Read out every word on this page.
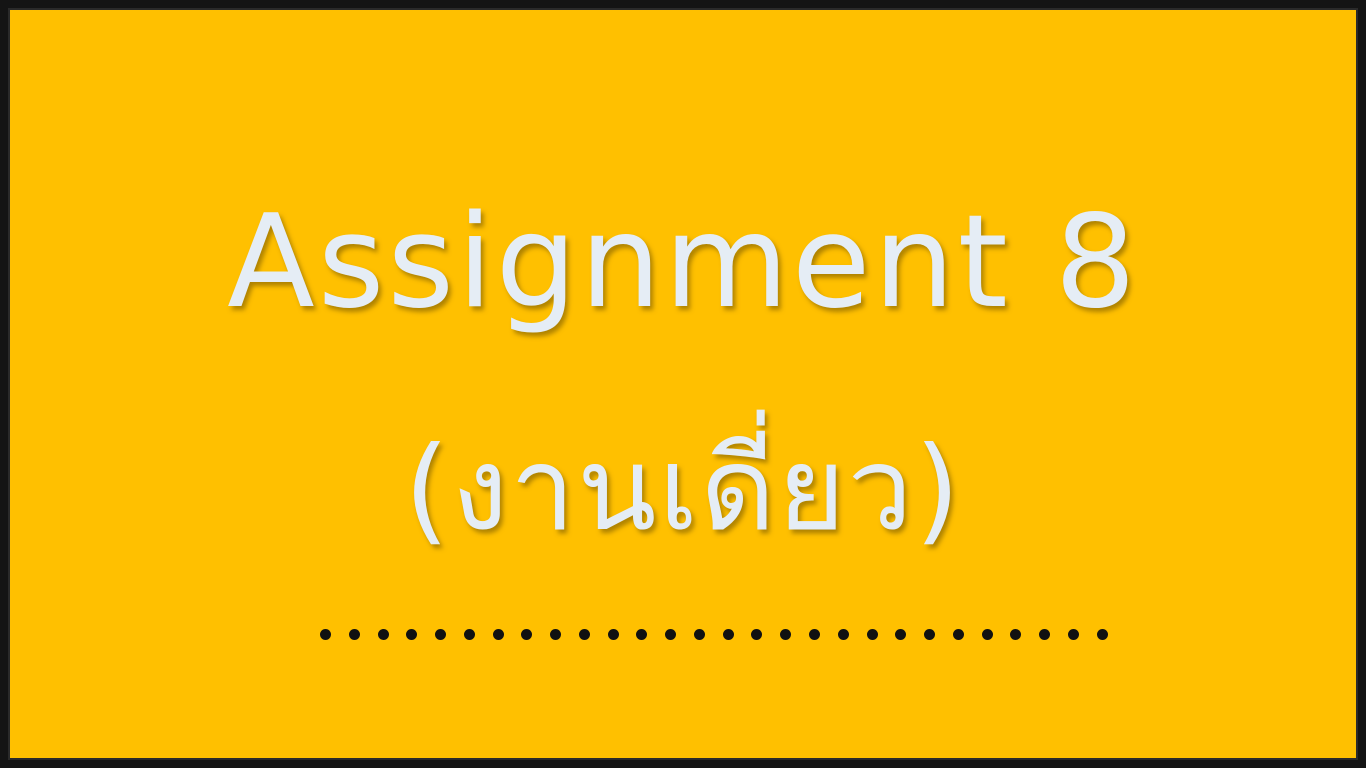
Assignment 8
(งานเดี่ยว)
